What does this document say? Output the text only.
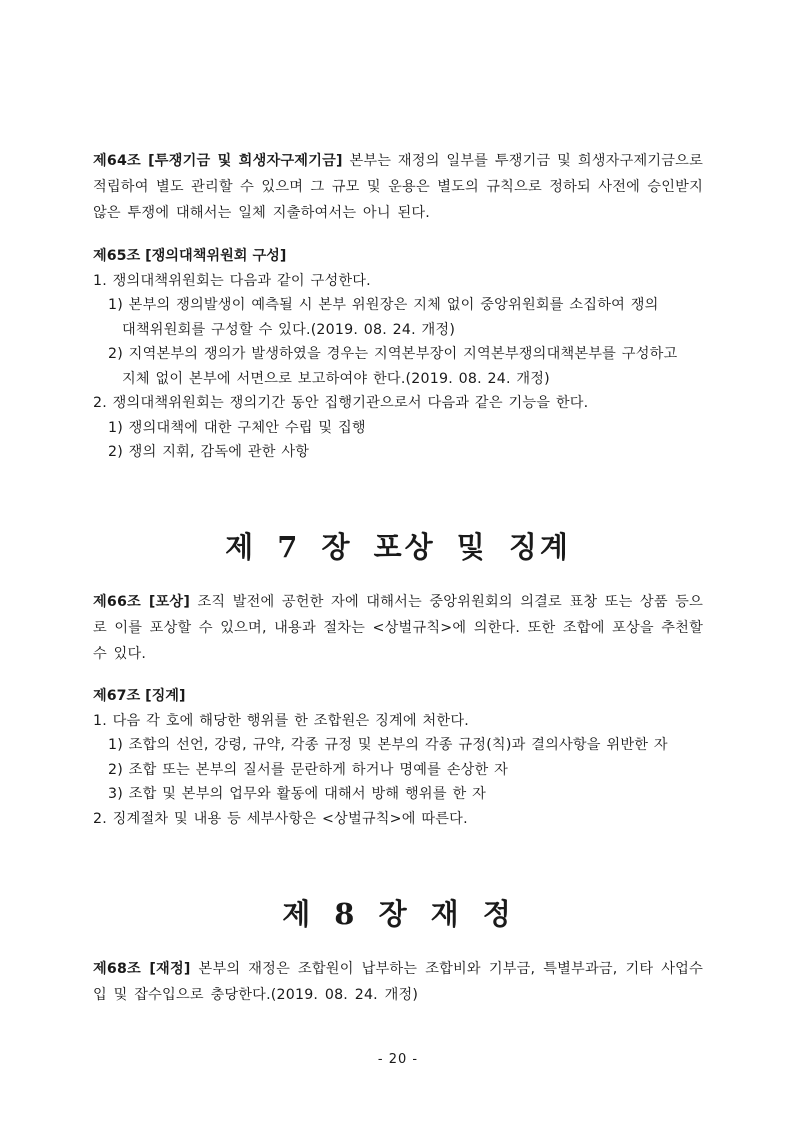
제64조 [투쟁기금 및 희생자구제기금] 본부는 재정의 일부를 투쟁기금 및 희생자구제기금으로 적립하여 별도 관리할 수 있으며 그 규모 및 운용은 별도의 규칙으로 정하되 사전에 승인받지 않은 투쟁에 대해서는 일체 지출하여서는 아니 된다.

제65조 [쟁의대책위원회 구성]

1. 쟁의대책위원회는 다음과 같이 구성한다.

1) 본부의 쟁의발생이 예측될 시 본부 위원장은 지체 없이 중앙위원회를 소집하여 쟁의

대책위원회를 구성할 수 있다.(2019. 08. 24. 개정)

2) 지역본부의 쟁의가 발생하였을 경우는 지역본부장이 지역본부쟁의대책본부를 구성하고

지체 없이 본부에 서면으로 보고하여야 한다.(2019. 08. 24. 개정)

2. 쟁의대책위원회는 쟁의기간 동안 집행기관으로서 다음과 같은 기능을 한다.

1) 쟁의대책에 대한 구체안 수립 및 집행

2) 쟁의 지휘, 감독에 관한 사항

제 7 장 포상 및 징계

제66조 [포상] 조직 발전에 공헌한 자에 대해서는 중앙위원회의 의결로 표창 또는 상품 등으로 이를 포상할 수 있으며, 내용과 절차는 <상벌규칙>에 의한다. 또한 조합에 포상을 추천할 수 있다.

제67조 [징계]

1. 다음 각 호에 해당한 행위를 한 조합원은 징계에 처한다.

1) 조합의 선언, 강령, 규약, 각종 규정 및 본부의 각종 규정(칙)과 결의사항을 위반한 자

2) 조합 또는 본부의 질서를 문란하게 하거나 명예를 손상한 자

3) 조합 및 본부의 업무와 활동에 대해서 방해 행위를 한 자

2. 징계절차 및 내용 등 세부사항은 <상벌규칙>에 따른다.

제 8 장 재 정

제68조 [재정] 본부의 재정은 조합원이 납부하는 조합비와 기부금, 특별부과금, 기타 사업수입 및 잡수입으로 충당한다.(2019. 08. 24. 개정)

- 20 -
